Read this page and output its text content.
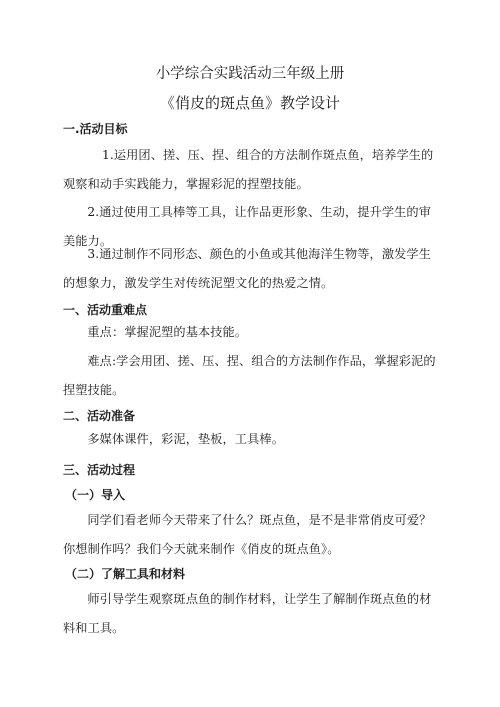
小学综合实践活动三年级上册
《俏皮的斑点鱼》教学设计
一.活动目标
1.运用团、搓、压、捏、组合的方法制作斑点鱼，培养学生的观察和动手实践能力，掌握彩泥的捏塑技能。
2.通过使用工具棒等工具，让作品更形象、生动，提升学生的审美能力。
3.通过制作不同形态、颜色的小鱼或其他海洋生物等，激发学生的想象力，激发学生对传统泥塑文化的热爱之情。
一、活动重难点
重点：掌握泥塑的基本技能。
难点:学会用团、搓、压、捏、组合的方法制作作品，掌握彩泥的捏塑技能。
二、活动准备
多媒体课件，彩泥，垫板，工具棒。
三、活动过程
（一）导入
同学们看老师今天带来了什么？斑点鱼，是不是非常俏皮可爱？你想制作吗？我们今天就来制作《俏皮的斑点鱼》。
（二）了解工具和材料
师引导学生观察斑点鱼的制作材料，让学生了解制作斑点鱼的材料和工具。
